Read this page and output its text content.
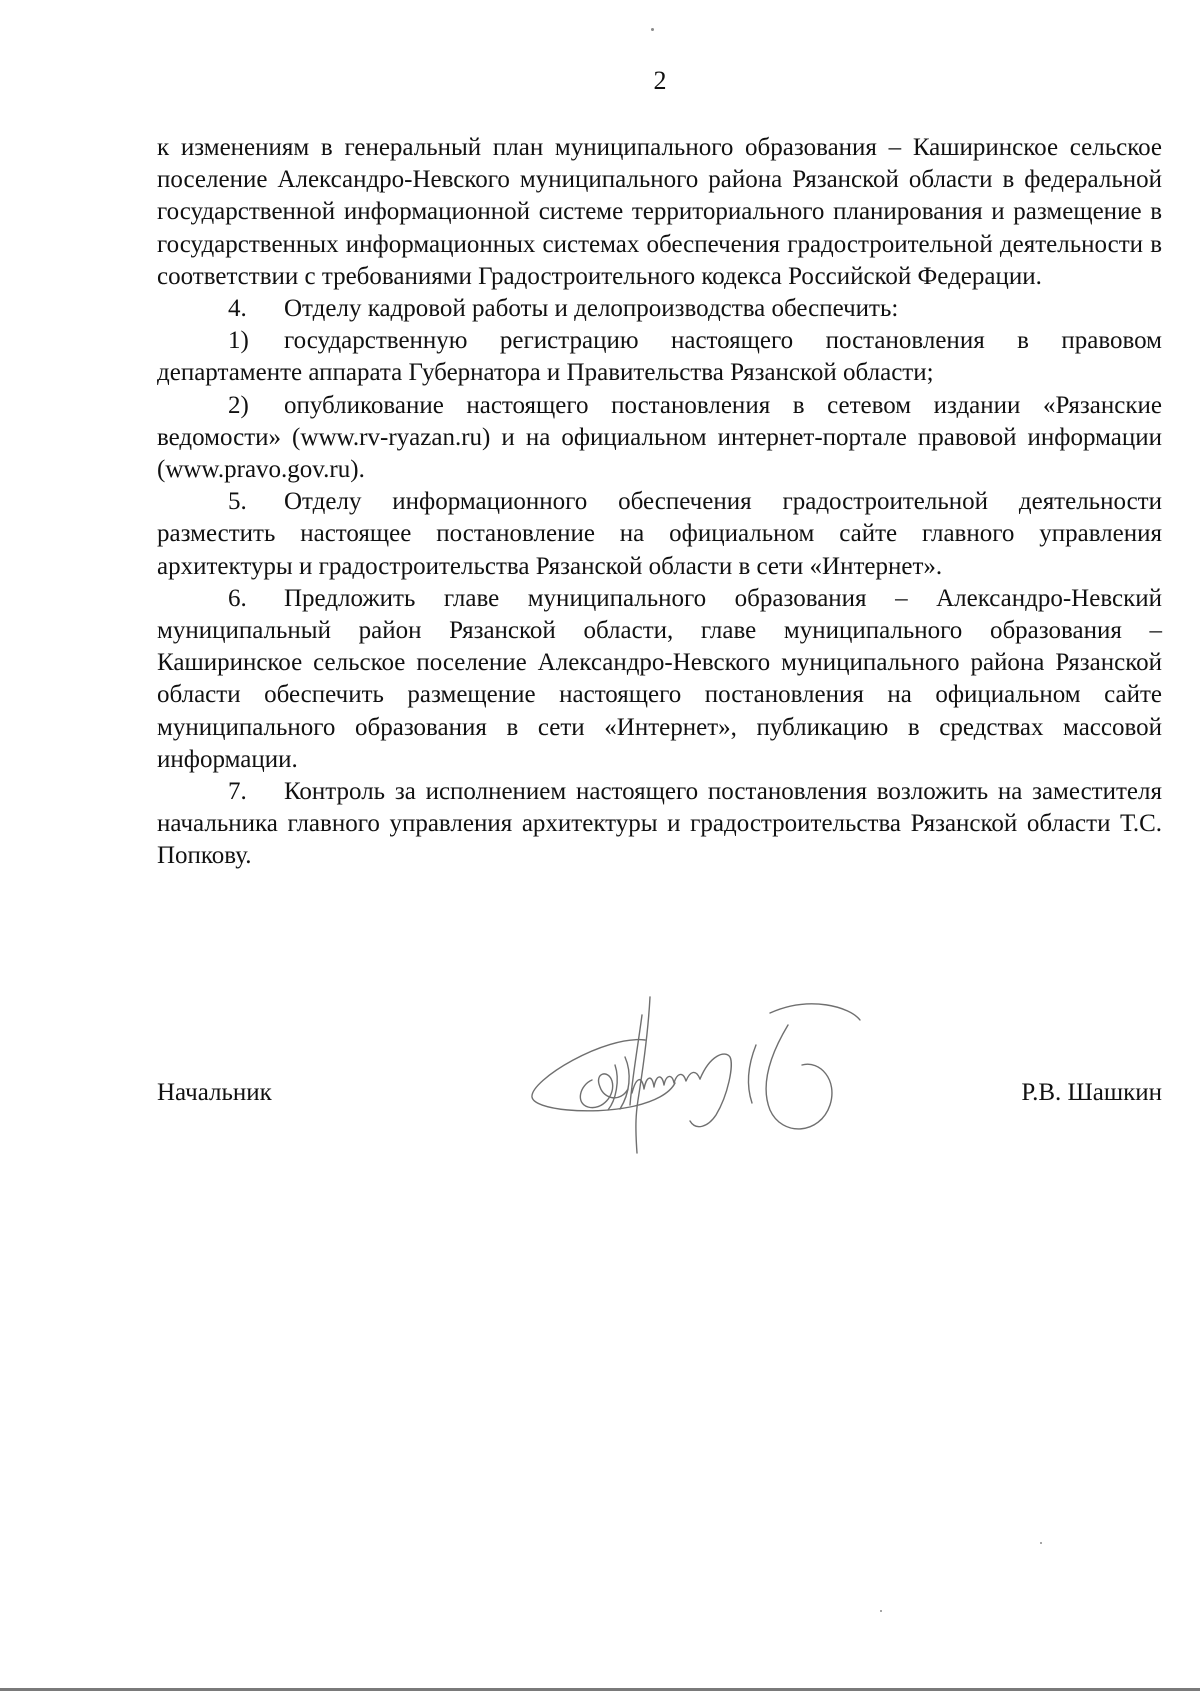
2

к изменениям в генеральный план муниципального образования – Каширинское сельское поселение Александро-Невского муниципального района Рязанской области в федеральной государственной информационной системе территориального планирования и размещение в государственных информационных системах обеспечения градостроительной деятельности в соответствии с требованиями Градостроительного кодекса Российской Федерации.

4. Отделу кадровой работы и делопроизводства обеспечить:

1) государственную регистрацию настоящего постановления в правовом департаменте аппарата Губернатора и Правительства Рязанской области;

2) опубликование настоящего постановления в сетевом издании «Рязанские ведомости» (www.rv-ryazan.ru) и на официальном интернет-портале правовой информации (www.pravo.gov.ru).

5. Отделу информационного обеспечения градостроительной деятельности разместить настоящее постановление на официальном сайте главного управления архитектуры и градостроительства Рязанской области в сети «Интернет».

6. Предложить главе муниципального образования – Александро-Невский муниципальный район Рязанской области, главе муниципального образования – Каширинское сельское поселение Александро-Невского муниципального района Рязанской области обеспечить размещение настоящего постановления на официальном сайте муниципального образования в сети «Интернет», публикацию в средствах массовой информации.

7. Контроль за исполнением настоящего постановления возложить на заместителя начальника главного управления архитектуры и градостроительства Рязанской области Т.С. Попкову.

Начальник	Р.В. Шашкин
